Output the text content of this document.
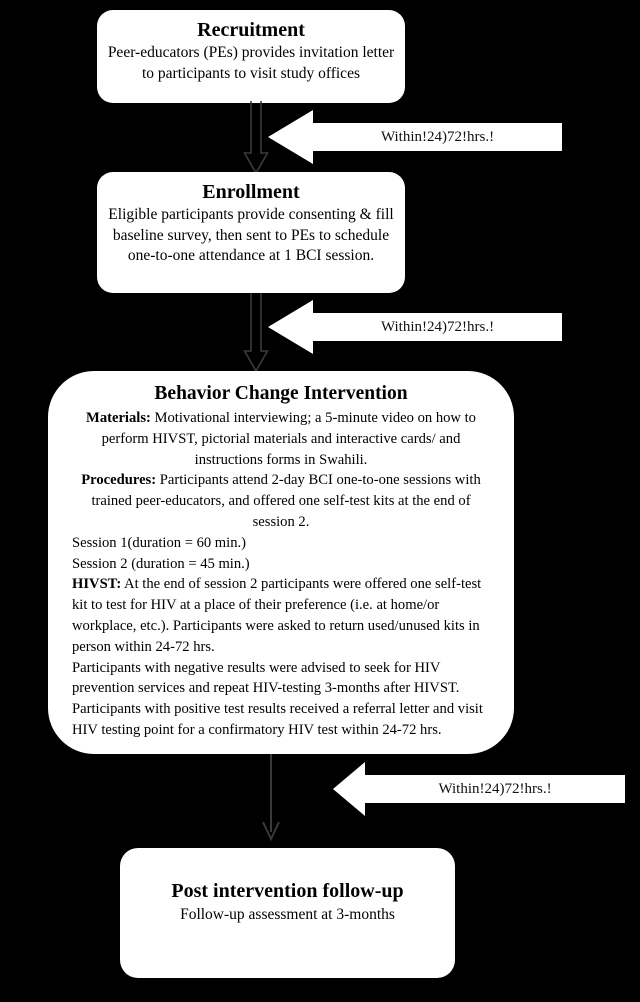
Recruitment
Peer-educators (PEs) provides invitation letter to participants to visit study offices
Within!24)72!hrs.!
Enrollment
Eligible participants provide consenting & fill baseline survey, then sent to PEs to schedule one-to-one attendance at 1 BCI session.
Within!24)72!hrs.!
Behavior Change Intervention
Materials: Motivational interviewing; a 5-minute video on how to perform HIVST, pictorial materials and interactive cards/ and instructions forms in Swahili.
Procedures: Participants attend 2-day BCI one-to-one sessions with trained peer-educators, and offered one self-test kits at the end of session 2.
Session 1(duration = 60 min.)
Session 2 (duration = 45 min.)
HIVST: At the end of session 2 participants were offered one self-test kit to test for HIV at a place of their preference (i.e. at home/or workplace, etc.). Participants were asked to return used/unused kits in person within 24-72 hrs.
Participants with negative results were advised to seek for HIV prevention services and repeat HIV-testing 3-months after HIVST.
Participants with positive test results received a referral letter and visit HIV testing point for a confirmatory HIV test within 24-72 hrs.
Within!24)72!hrs.!
Post intervention follow-up
Follow-up assessment at 3-months
